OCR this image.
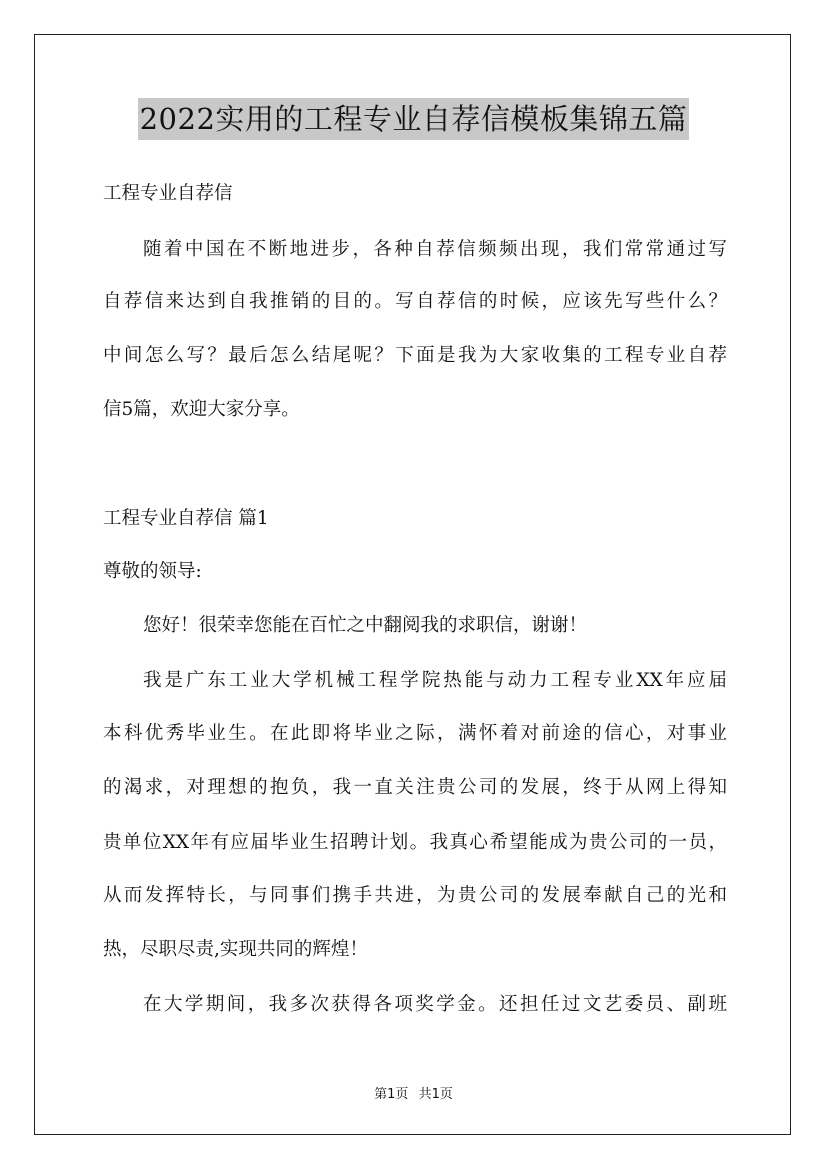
2022实用的工程专业自荐信模板集锦五篇
工程专业自荐信
随着中国在不断地进步，各种自荐信频频出现，我们常常通过写
自荐信来达到自我推销的目的。写自荐信的时候，应该先写些什么？
中间怎么写？最后怎么结尾呢？下面是我为大家收集的工程专业自荐
信5篇，欢迎大家分享。
工程专业自荐信 篇1
尊敬的领导:
您好！很荣幸您能在百忙之中翻阅我的求职信，谢谢！
我是广东工业大学机械工程学院热能与动力工程专业XX年应届
本科优秀毕业生。在此即将毕业之际，满怀着对前途的信心，对事业
的渴求，对理想的抱负，我一直关注贵公司的发展，终于从网上得知
贵单位XX年有应届毕业生招聘计划。我真心希望能成为贵公司的一员，
从而发挥特长，与同事们携手共进，为贵公司的发展奉献自己的光和
热，尽职尽责,实现共同的辉煌！
在大学期间，我多次获得各项奖学金。还担任过文艺委员、副班
第1页 共1页
